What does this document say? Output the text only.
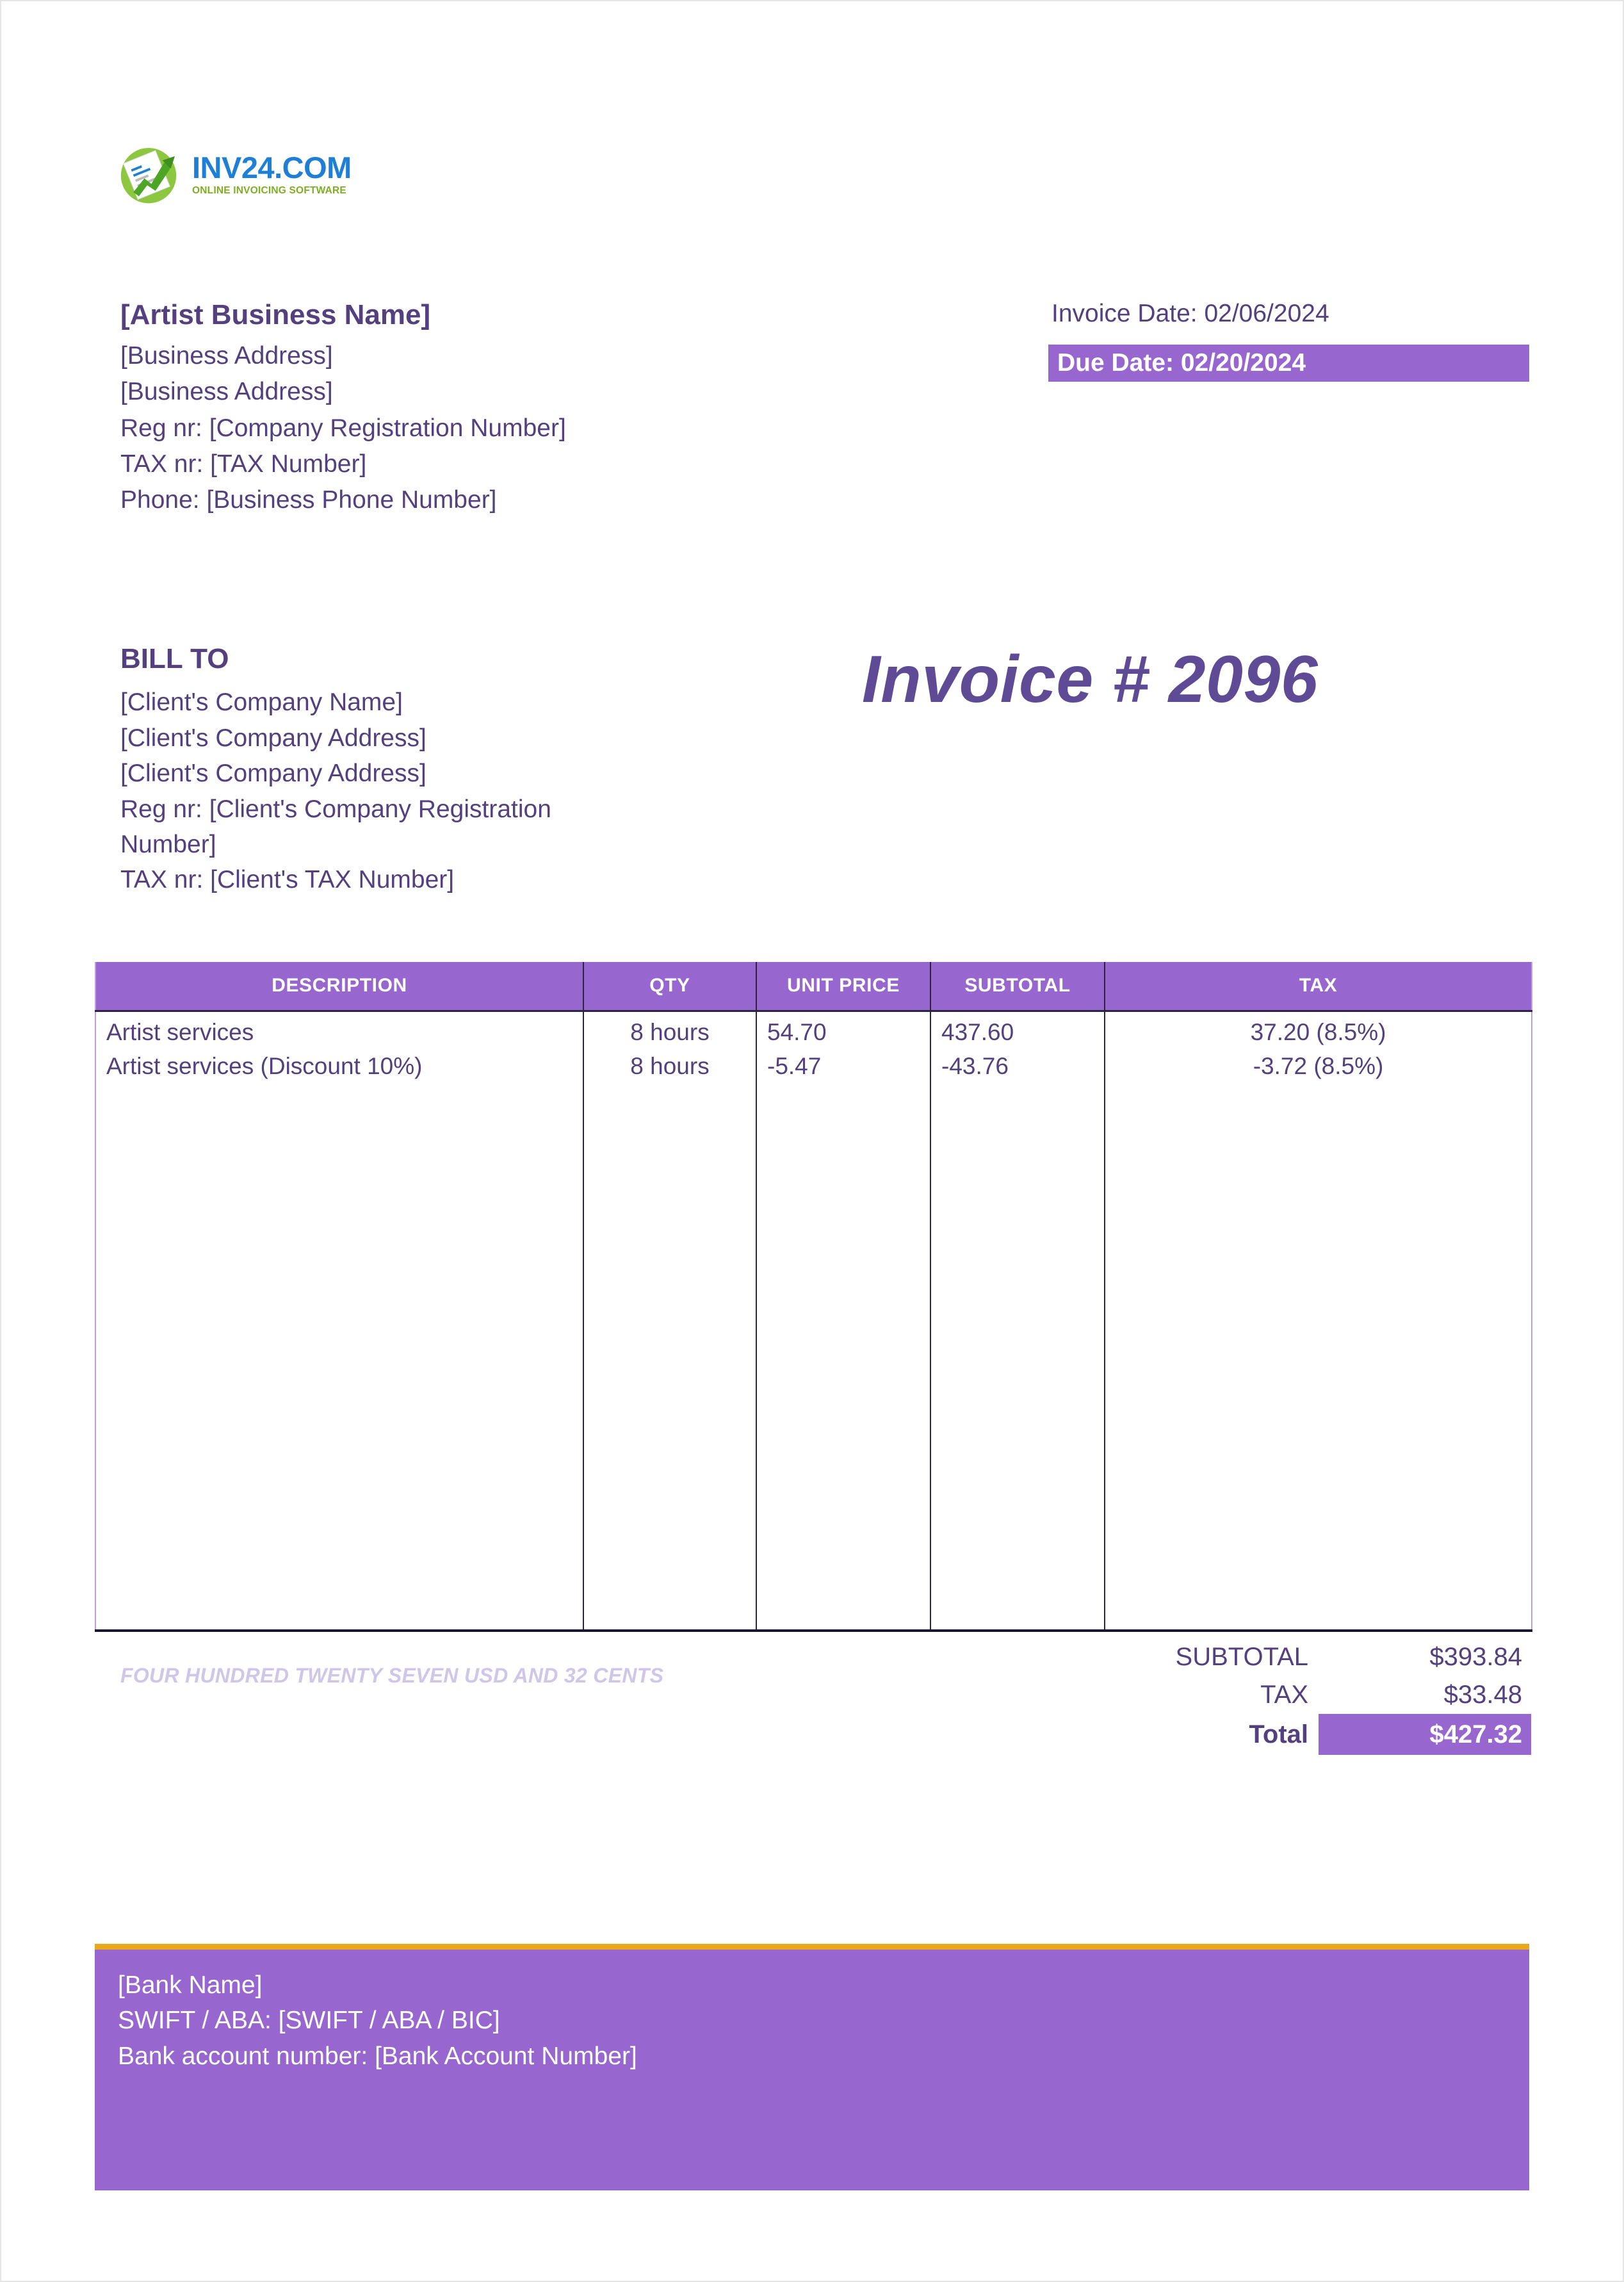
INV24.COM
ONLINE INVOICING SOFTWARE
[Artist Business Name]
[Business Address]
[Business Address]
Reg nr: [Company Registration Number]
TAX nr: [TAX Number]
Phone: [Business Phone Number]
Invoice Date: 02/06/2024
Due Date: 02/20/2024
BILL TO
[Client's Company Name]
[Client's Company Address]
[Client's Company Address]
Reg nr: [Client's Company Registration Number]
TAX nr: [Client's TAX Number]
Invoice # 2096
DESCRIPTION	QTY	UNIT PRICE	SUBTOTAL	TAX
Artist services	8 hours	54.70	437.60	37.20 (8.5%)
Artist services (Discount 10%)	8 hours	-5.47	-43.76	-3.72 (8.5%)

FOUR HUNDRED TWENTY SEVEN USD AND 32 CENTS
SUBTOTAL	$393.84
TAX	$33.48
Total	$427.32
[Bank Name]
SWIFT / ABA: [SWIFT / ABA / BIC]
Bank account number: [Bank Account Number]
